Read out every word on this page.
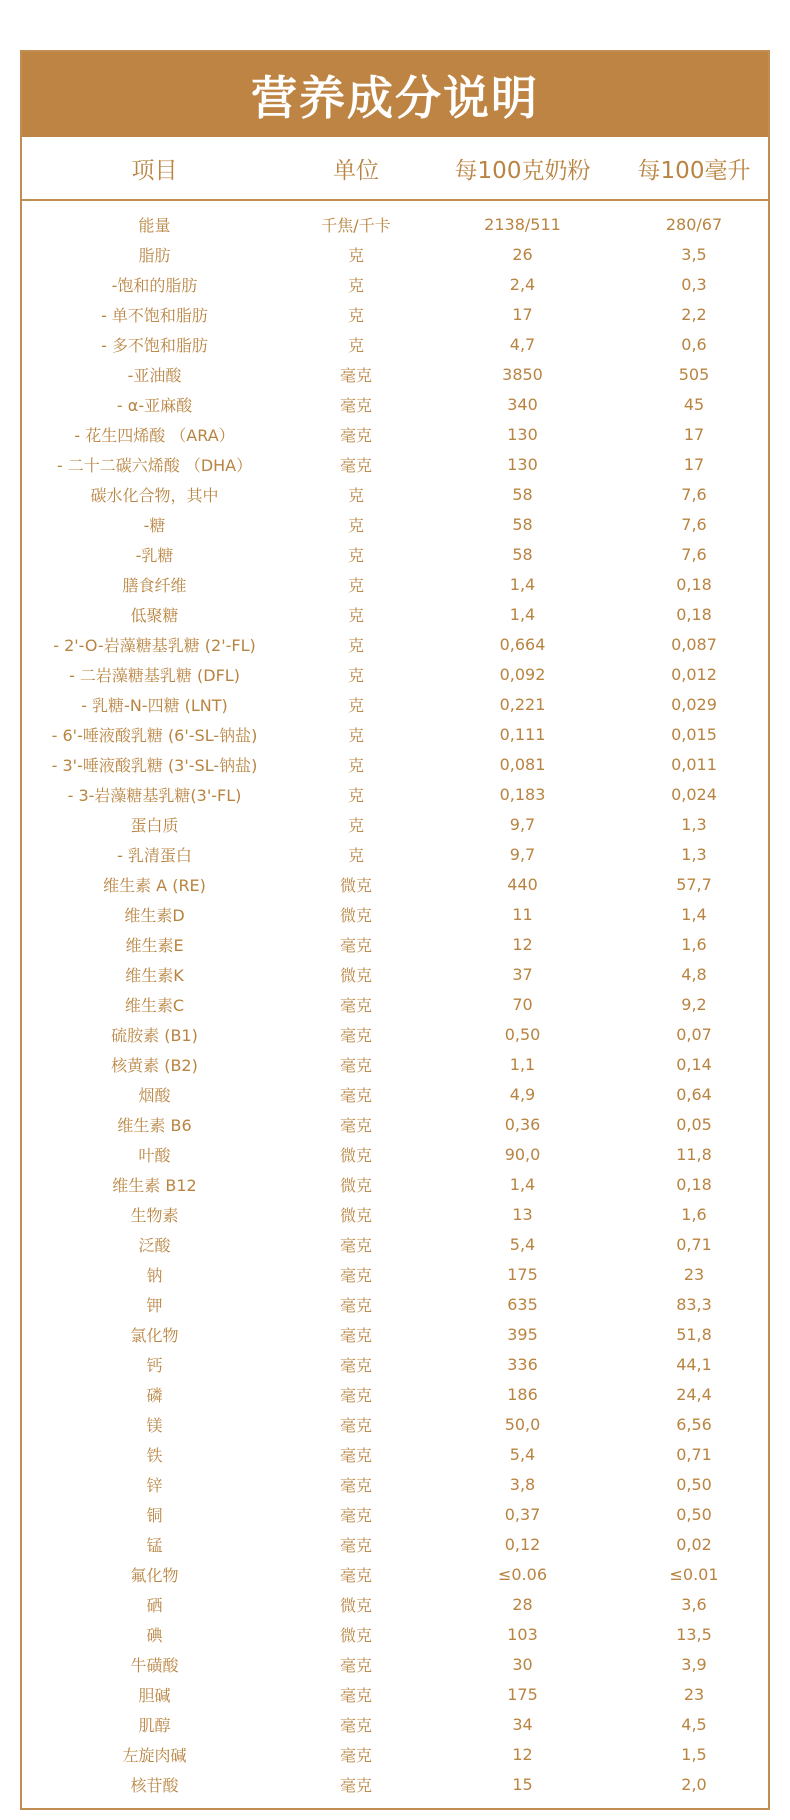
营养成分说明
项目	单位	每100克奶粉	每100毫升
能量	千焦/千卡	2138/511	280/67
脂肪	克	26	3,5
-饱和的脂肪	克	2,4	0,3
- 单不饱和脂肪	克	17	2,2
- 多不饱和脂肪	克	4,7	0,6
-亚油酸	毫克	3850	505
- α-亚麻酸	毫克	340	45
- 花生四烯酸 （ARA）	毫克	130	17
- 二十二碳六烯酸 （DHA）	毫克	130	17
碳水化合物，其中	克	58	7,6
-糖	克	58	7,6
-乳糖	克	58	7,6
膳食纤维	克	1,4	0,18
低聚糖	克	1,4	0,18
- 2'-O-岩藻糖基乳糖 (2'-FL)	克	0,664	0,087
- 二岩藻糖基乳糖 (DFL)	克	0,092	0,012
- 乳糖-N-四糖 (LNT)	克	0,221	0,029
- 6'-唾液酸乳糖 (6'-SL-钠盐)	克	0,111	0,015
- 3'-唾液酸乳糖 (3'-SL-钠盐)	克	0,081	0,011
- 3-岩藻糖基乳糖(3'-FL)	克	0,183	0,024
蛋白质	克	9,7	1,3
- 乳清蛋白	克	9,7	1,3
维生素 A (RE)	微克	440	57,7
维生素D	微克	11	1,4
维生素E	毫克	12	1,6
维生素K	微克	37	4,8
维生素C	毫克	70	9,2
硫胺素 (B1)	毫克	0,50	0,07
核黄素 (B2)	毫克	1,1	0,14
烟酸	毫克	4,9	0,64
维生素 B6	毫克	0,36	0,05
叶酸	微克	90,0	11,8
维生素 B12	微克	1,4	0,18
生物素	微克	13	1,6
泛酸	毫克	5,4	0,71
钠	毫克	175	23
钾	毫克	635	83,3
氯化物	毫克	395	51,8
钙	毫克	336	44,1
磷	毫克	186	24,4
镁	毫克	50,0	6,56
铁	毫克	5,4	0,71
锌	毫克	3,8	0,50
铜	毫克	0,37	0,50
锰	毫克	0,12	0,02
氟化物	毫克	≤0.06	≤0.01
硒	微克	28	3,6
碘	微克	103	13,5
牛磺酸	毫克	30	3,9
胆碱	毫克	175	23
肌醇	毫克	34	4,5
左旋肉碱	毫克	12	1,5
核苷酸	毫克	15	2,0
